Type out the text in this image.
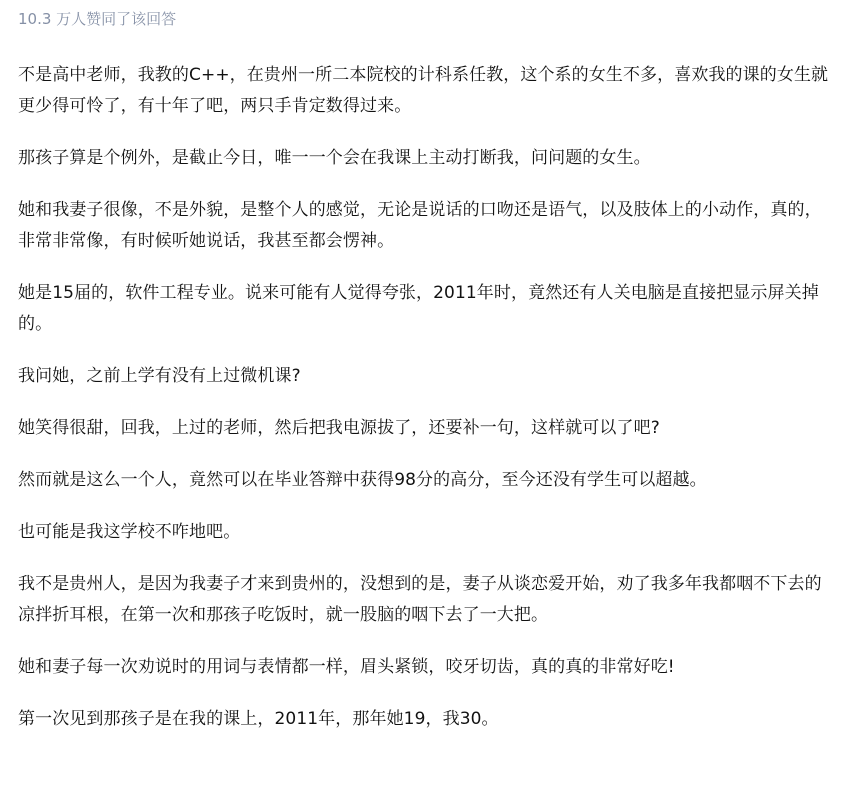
10.3 万人赞同了该回答

不是高中老师，我教的C++，在贵州一所二本院校的计科系任教，这个系的女生不多，喜欢我的课的女生就更少得可怜了，有十年了吧，两只手肯定数得过来。

那孩子算是个例外，是截止今日，唯一一个会在我课上主动打断我，问问题的女生。

她和我妻子很像，不是外貌，是整个人的感觉，无论是说话的口吻还是语气，以及肢体上的小动作，真的，非常非常像，有时候听她说话，我甚至都会愣神。

她是15届的，软件工程专业。说来可能有人觉得夸张，2011年时，竟然还有人关电脑是直接把显示屏关掉的。

我问她，之前上学有没有上过微机课?

她笑得很甜，回我，上过的老师，然后把我电源拔了，还要补一句，这样就可以了吧?

然而就是这么一个人，竟然可以在毕业答辩中获得98分的高分，至今还没有学生可以超越。

也可能是我这学校不咋地吧。

我不是贵州人，是因为我妻子才来到贵州的，没想到的是，妻子从谈恋爱开始，劝了我多年我都咽不下去的凉拌折耳根，在第一次和那孩子吃饭时，就一股脑的咽下去了一大把。

她和妻子每一次劝说时的用词与表情都一样，眉头紧锁，咬牙切齿，真的真的非常好吃!

第一次见到那孩子是在我的课上，2011年，那年她19，我30。
